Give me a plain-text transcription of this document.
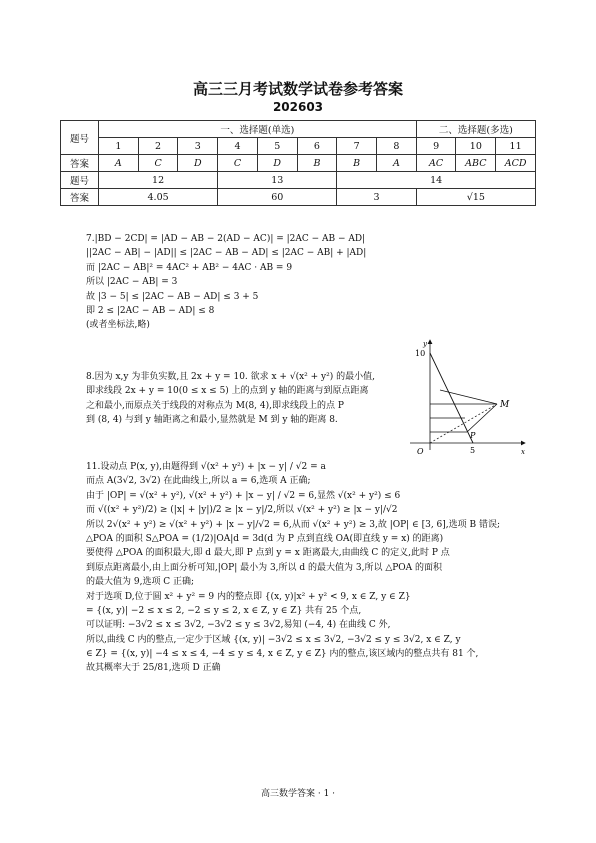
高三三月考试数学试卷参考答案
202603
题号	一、选择题(单选)								二、选择题(多选)		
	1	2	3	4	5	6	7	8	9	10	11
答案	A	C	D	C	D	B	B	A	AC	ABC	ACD
题号	12			13			14				
答案	4.05			60			3		√15		
7.|BD − 2CD| = |AD − AB − 2(AD − AC)| = |2AC − AB − AD|
||2AC − AB| − |AD|| ≤ |2AC − AB − AD| ≤ |2AC − AB| + |AD|
而 |2AC − AB|² = 4AC² + AB² − 4AC · AB = 9
所以 |2AC − AB| = 3
故 |3 − 5| ≤ |2AC − AB − AD| ≤ 3 + 5
即 2 ≤ |2AC − AB − AD| ≤ 8
(或者坐标法,略)
8.因为 x,y 为非负实数,且 2x + y = 10. 欲求 x + √(x² + y²) 的最小值,
即求线段 2x + y = 10(0 ≤ x ≤ 5) 上的点到 y 轴的距离与到原点距离
之和最小,而原点关于线段的对称点为 M(8, 4),即求线段上的点 P
到 (8, 4) 与到 y 轴距离之和最小,显然就是 M 到 y 轴的距离 8.
y
x
10
5
O
M
P
11.设动点 P(x, y),由题得到 √(x² + y²) + |x − y| / √2 = a
而点 A(3√2, 3√2) 在此曲线上,所以 a = 6,选项 A 正确;
由于 |OP| = √(x² + y²), √(x² + y²) + |x − y| / √2 = 6,显然 √(x² + y²) ≤ 6
而 √((x² + y²)/2) ≥ (|x| + |y|)/2 ≥ |x − y|/2,所以 √(x² + y²) ≥ |x − y|/√2
所以 2√(x² + y²) ≥ √(x² + y²) + |x − y|/√2 = 6,从而 √(x² + y²) ≥ 3,故 |OP| ∈ [3, 6],选项 B 错误;
△POA 的面积 S△POA = (1/2)|OA|d = 3d(d 为 P 点到直线 OA(即直线 y = x) 的距离)
要使得 △POA 的面积最大,即 d 最大,即 P 点到 y = x 距离最大,由曲线 C 的定义,此时 P 点
到原点距离最小,由上面分析可知,|OP| 最小为 3,所以 d 的最大值为 3,所以 △POA 的面积
的最大值为 9,选项 C 正确;
对于选项 D,位于圆 x² + y² = 9 内的整点即 {(x, y)|x² + y² < 9, x ∈ Z, y ∈ Z}
= {(x, y)| −2 ≤ x ≤ 2, −2 ≤ y ≤ 2, x ∈ Z, y ∈ Z} 共有 25 个点,
可以证明: −3√2 ≤ x ≤ 3√2, −3√2 ≤ y ≤ 3√2,易知 (−4, 4) 在曲线 C 外,
所以,曲线 C 内的整点,一定少于区域 {(x, y)| −3√2 ≤ x ≤ 3√2, −3√2 ≤ y ≤ 3√2, x ∈ Z, y
∈ Z} = {(x, y)| −4 ≤ x ≤ 4, −4 ≤ y ≤ 4, x ∈ Z, y ∈ Z} 内的整点,该区域内的整点共有 81 个,
故其概率大于 25/81,选项 D 正确
高三数学答案 · 1 ·
